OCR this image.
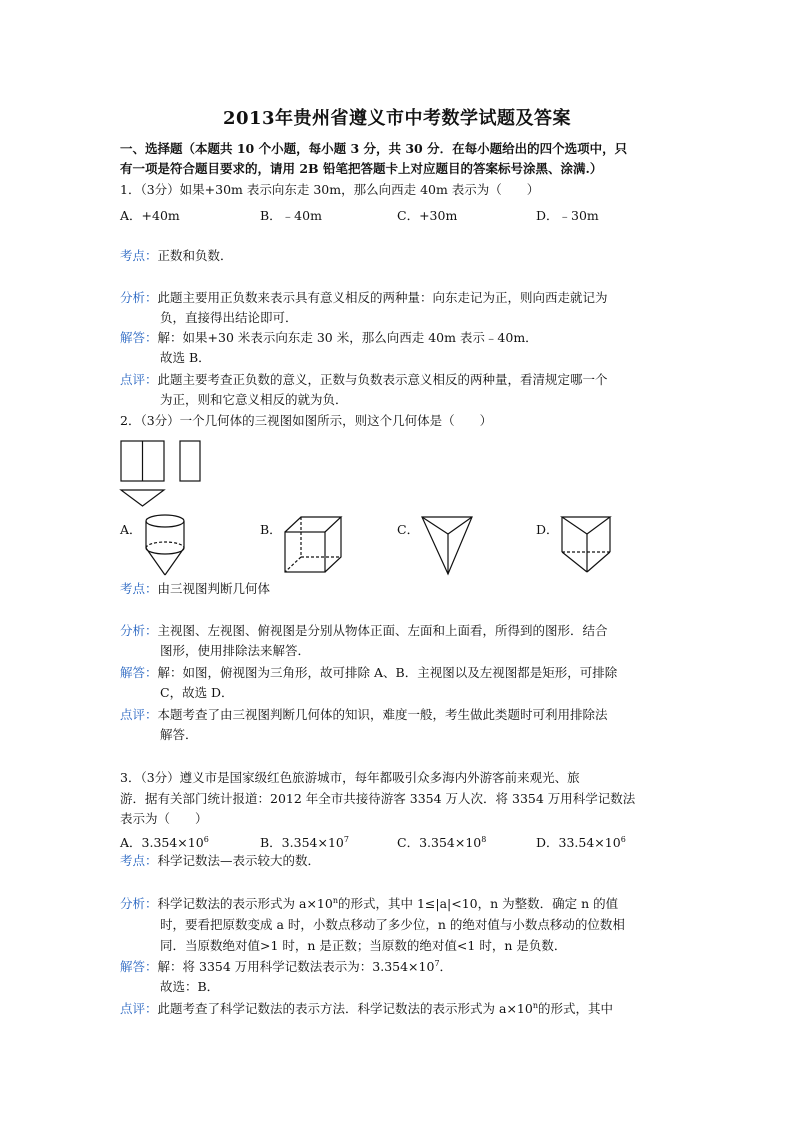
2013年贵州省遵义市中考数学试题及答案
一、选择题（本题共 10 个小题，每小题 3 分，共 30 分．在每小题给出的四个选项中，只
有一项是符合题目要求的，请用 2B 铅笔把答题卡上对应题目的答案标号涂黑、涂满.）
1．（3分）如果+30m 表示向东走 30m，那么向西走 40m 表示为（　　）
A．+40m	B．﹣40m	C．+30m	D．﹣30m
考点：正数和负数．
分析：此题主要用正负数来表示具有意义相反的两种量：向东走记为正，则向西走就记为
负，直接得出结论即可．
解答：解：如果+30 米表示向东走 30 米，那么向西走 40m 表示﹣40m．
故选 B．
点评：此题主要考查正负数的意义，正数与负数表示意义相反的两种量，看清规定哪一个
为正，则和它意义相反的就为负．
2．（3分）一个几何体的三视图如图所示，则这个几何体是（　　）
A．	B．	C．	D．
考点：由三视图判断几何体
分析：主视图、左视图、俯视图是分别从物体正面、左面和上面看，所得到的图形．结合
图形，使用排除法来解答．
解答：解：如图，俯视图为三角形，故可排除 A、B．主视图以及左视图都是矩形，可排除
C，故选 D．
点评：本题考查了由三视图判断几何体的知识，难度一般，考生做此类题时可利用排除法
解答．
3．（3分）遵义市是国家级红色旅游城市，每年都吸引众多海内外游客前来观光、旅
游．据有关部门统计报道：2012 年全市共接待游客 3354 万人次．将 3354 万用科学记数法
表示为（　　）
A．$3.354\times 10^6$	B．$3.354\times 10^7$	C．$3.354\times 10^8$	D．$33.54\times 10^6$
考点：科学记数法—表示较大的数．
分析：科学记数法的表示形式为 $a\times 10^n$的形式，其中 1≤|a|<10，n 为整数．确定 n 的值
时，要看把原数变成 a 时，小数点移动了多少位，n 的绝对值与小数点移动的位数相
同．当原数绝对值>1 时，n 是正数；当原数的绝对值<1 时，n 是负数．
解答：解：将 3354 万用科学记数法表示为：$3.354\times 10^7$．
故选：B．
点评：此题考查了科学记数法的表示方法．科学记数法的表示形式为 $a\times 10^n$的形式，其中
